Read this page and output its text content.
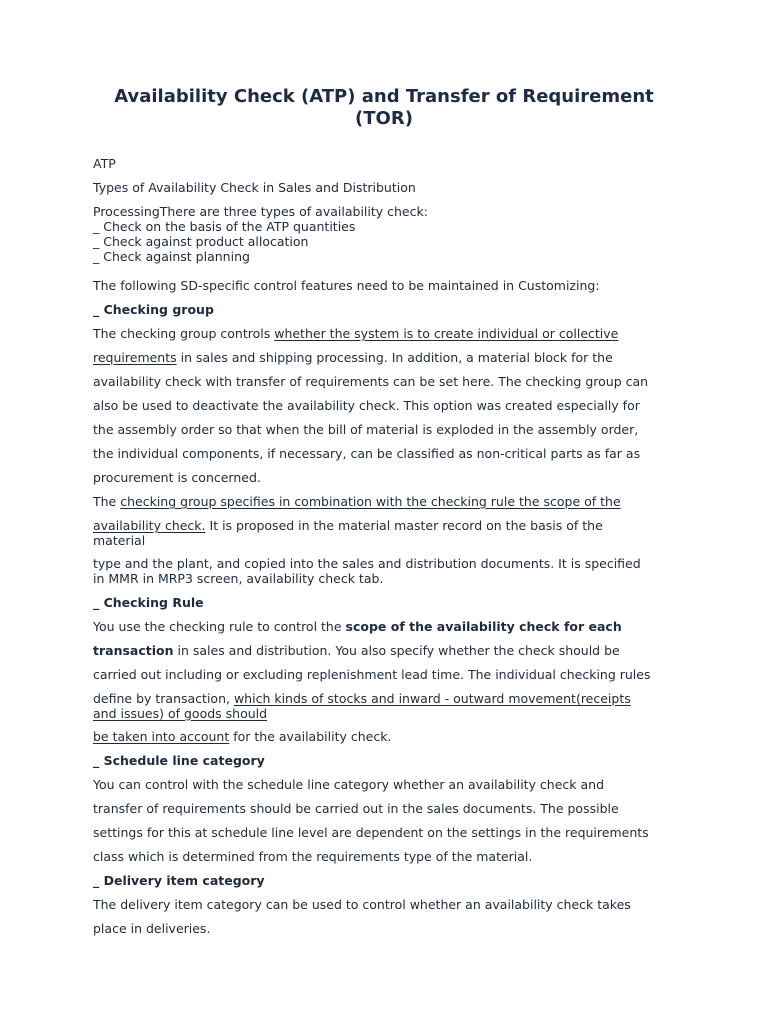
Availability Check (ATP) and Transfer of Requirement
(TOR)
ATP
Types of Availability Check in Sales and Distribution
ProcessingThere are three types of availability check:
_ Check on the basis of the ATP quantities
_ Check against product allocation
_ Check against planning
The following SD-specific control features need to be maintained in Customizing:
_ Checking group
The checking group controls whether the system is to create individual or collective
requirements in sales and shipping processing. In addition, a material block for the
availability check with transfer of requirements can be set here. The checking group can
also be used to deactivate the availability check. This option was created especially for
the assembly order so that when the bill of material is exploded in the assembly order,
the individual components, if necessary, can be classified as non-critical parts as far as
procurement is concerned.
The checking group specifies in combination with the checking rule the scope of the
availability check. It is proposed in the material master record on the basis of the
material
type and the plant, and copied into the sales and distribution documents. It is specified
in MMR in MRP3 screen, availability check tab.
_ Checking Rule
You use the checking rule to control the scope of the availability check for each
transaction in sales and distribution. You also specify whether the check should be
carried out including or excluding replenishment lead time. The individual checking rules
define by transaction, which kinds of stocks and inward - outward movement(receipts
and issues) of goods should
be taken into account for the availability check.
_ Schedule line category
You can control with the schedule line category whether an availability check and
transfer of requirements should be carried out in the sales documents. The possible
settings for this at schedule line level are dependent on the settings in the requirements
class which is determined from the requirements type of the material.
_ Delivery item category
The delivery item category can be used to control whether an availability check takes
place in deliveries.
